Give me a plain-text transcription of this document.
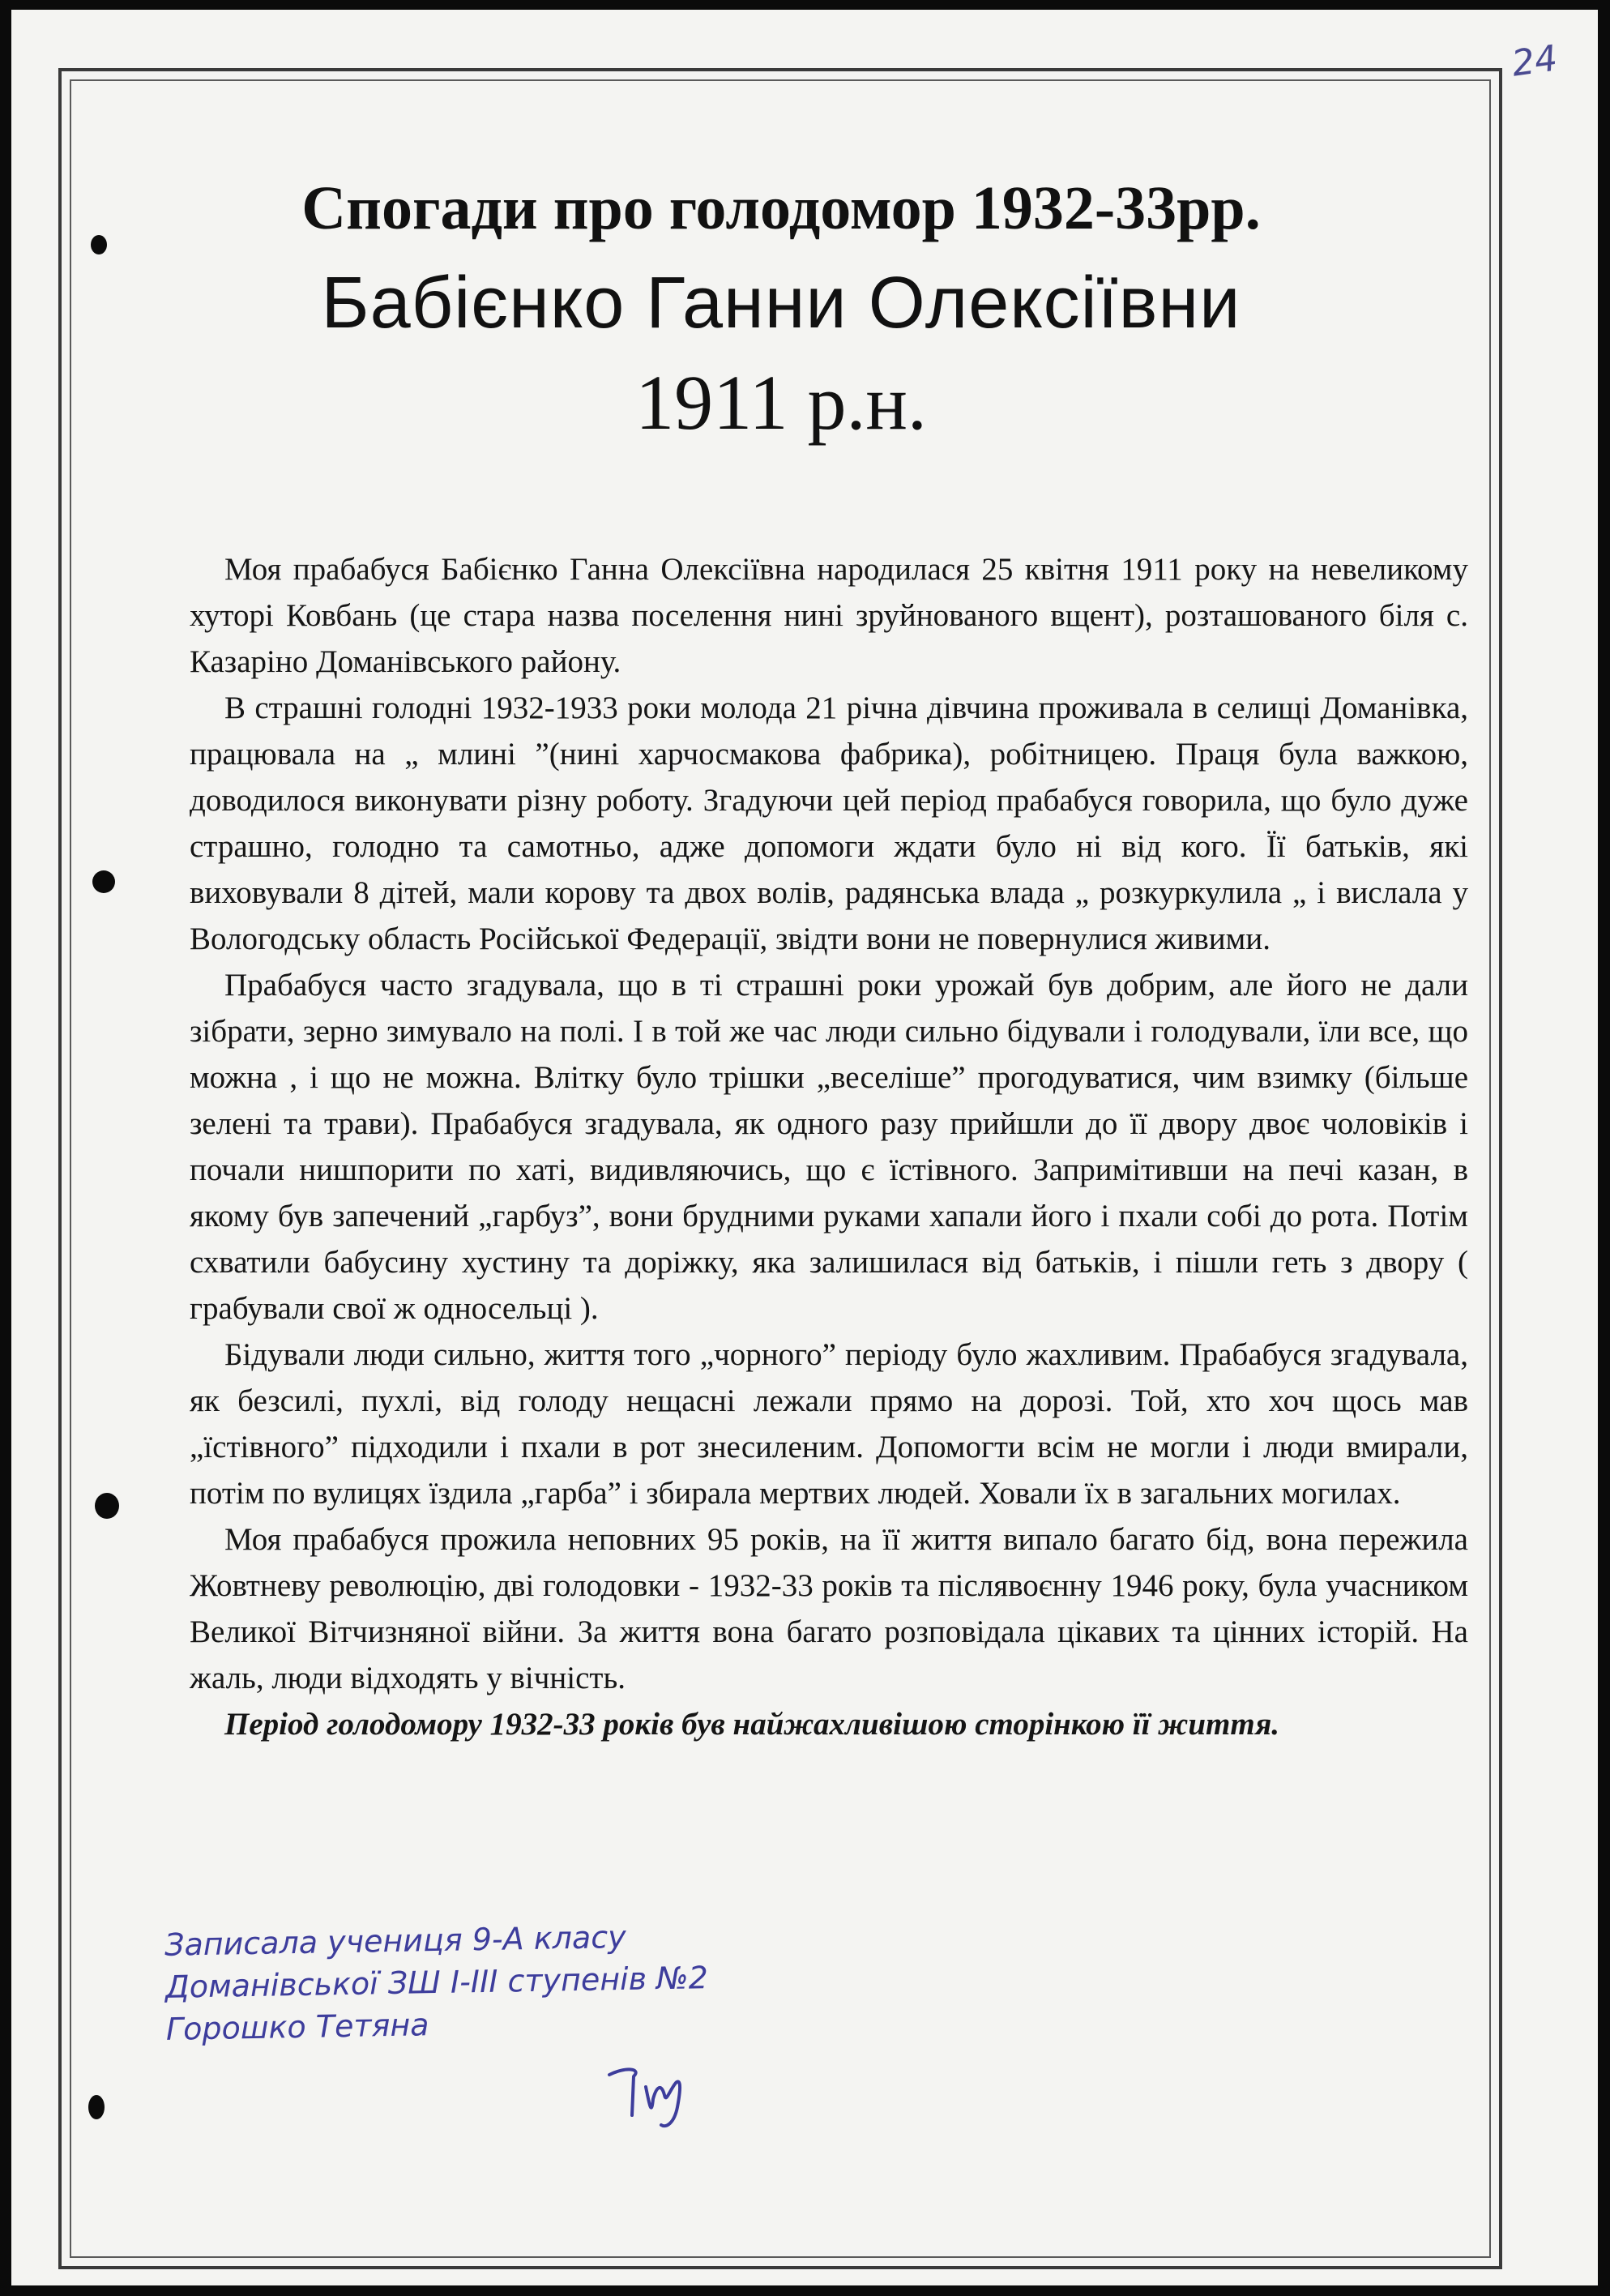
24
Спогади про голодомор 1932-33рр.
Бабієнко Ганни Олексіївни
1911 р.н.

Моя прабабуся Бабієнко Ганна Олексіївна народилася 25 квітня 1911 року на невеликому хуторі Ковбань (це стара назва поселення нині зруйнованого вщент), розташованого біля с. Казаріно Доманівського району.

В страшні голодні 1932-1933 роки молода 21 річна дівчина проживала в селищі Доманівка, працювала на „ млині ”(нині харчосмакова фабрика), робітницею. Праця була важкою, доводилося виконувати різну роботу. Згадуючи цей період прабабуся говорила, що було дуже страшно, голодно та самотньо, адже допомоги ждати було ні від кого. Її батьків, які виховували 8 дітей, мали корову та двох волів, радянська влада „ розкуркулила „ і вислала у Вологодську область Російської Федерації, звідти вони не повернулися живими.

Прабабуся часто згадувала, що в ті страшні роки урожай був добрим, але його не дали зібрати, зерно зимувало на полі. І в той же час люди сильно бідували і голодували, їли все, що можна , і що не можна. Влітку було трішки „веселіше” прогодуватися, чим взимку (більше зелені та трави). Прабабуся згадувала, як одного разу прийшли до її двору двоє чоловіків і почали нишпорити по хаті, видивляючись, що є їстівного. Запримітивши на печі казан, в якому був запечений „гарбуз”, вони брудними руками хапали його і пхали собі до рота. Потім схватили бабусину хустину та доріжку, яка залишилася від батьків, і пішли геть з двору ( грабували свої ж односельці ).

Бідували люди сильно, життя того „чорного” періоду було жахливим. Прабабуся згадувала, як безсилі, пухлі, від голоду нещасні лежали прямо на дорозі. Той, хто хоч щось мав „їстівного” підходили і пхали в рот знесиленим. Допомогти всім не могли і люди вмирали, потім по вулицях їздила „гарба” і збирала мертвих людей. Ховали їх в загальних могилах.

Моя прабабуся прожила неповних 95 років, на її життя випало багато бід, вона пережила Жовтневу революцію, дві голодовки - 1932-33 років та післявоєнну 1946 року, була учасником Великої Вітчизняної війни. За життя вона багато розповідала цікавих та цінних історій. На жаль, люди відходять у вічність.

Період голодомору 1932-33 років був найжахливішою сторінкою її життя.

Записала учениця 9-А класу
Доманівської ЗШ І-ІІІ ступенів №2
Горошко Тетяна
